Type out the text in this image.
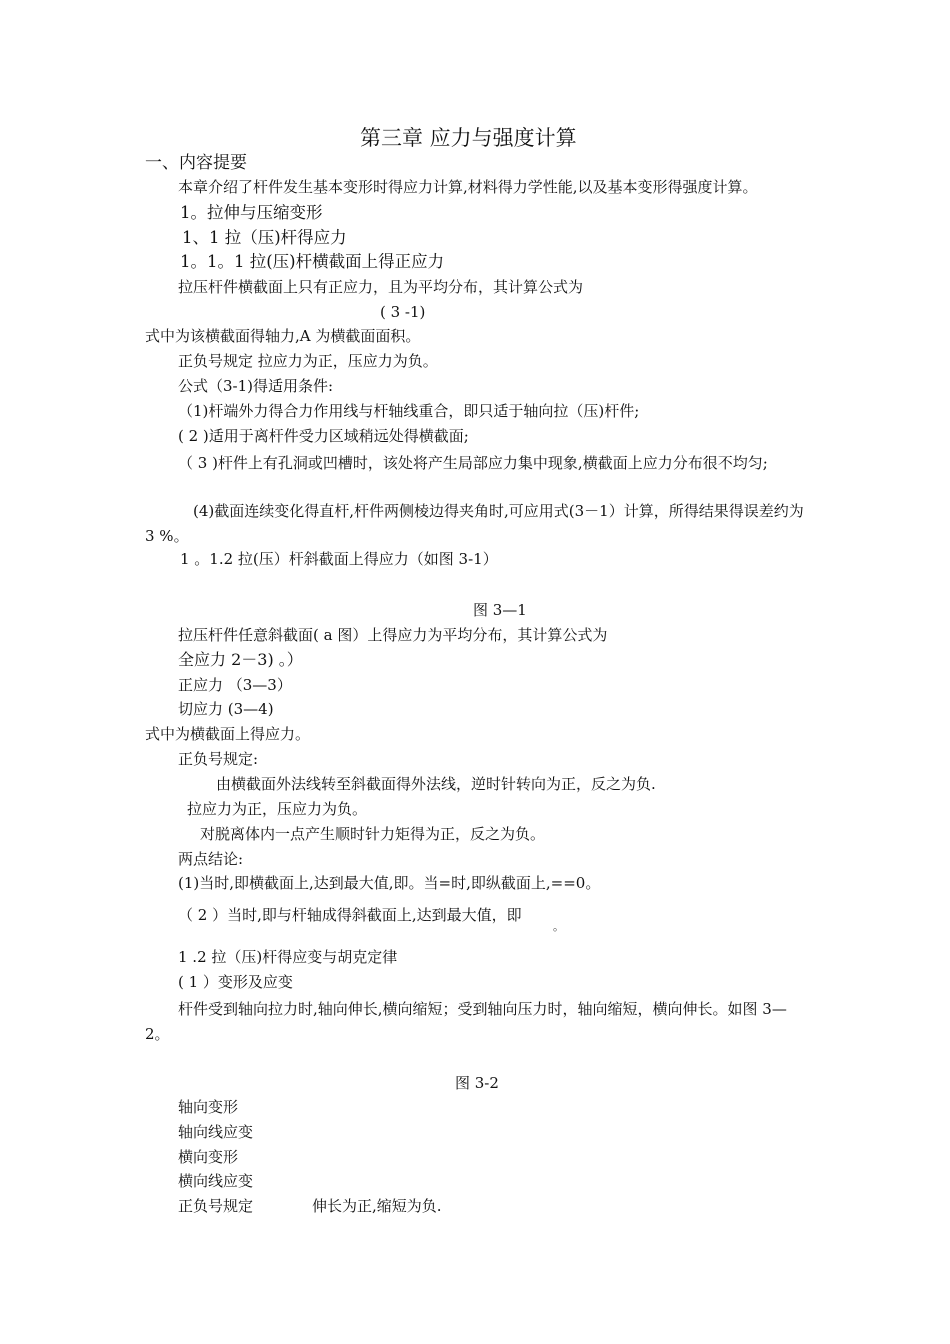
第三章 应力与强度计算
一、内容提要
本章介绍了杆件发生基本变形时得应力计算,材料得力学性能,以及基本变形得强度计算。
1。拉伸与压缩变形
1、1 拉（压)杆得应力
1。1。1 拉(压)杆横截面上得正应力
拉压杆件横截面上只有正应力，且为平均分布，其计算公式为
( 3 -1)
式中为该横截面得轴力,A 为横截面面积。
正负号规定 拉应力为正，压应力为负。
公式（3-1)得适用条件:
（1)杆端外力得合力作用线与杆轴线重合，即只适于轴向拉（压)杆件;
( 2 )适用于离杆件受力区域稍远处得横截面;
（ 3 )杆件上有孔洞或凹槽时，该处将产生局部应力集中现象,横截面上应力分布很不均匀;
(4)截面连续变化得直杆,杆件两侧棱边得夹角时,可应用式(3－1）计算，所得结果得误差约为 3 %。
1 。1.2 拉(压）杆斜截面上得应力（如图 3-1）
图 3—1
拉压杆件任意斜截面( a 图）上得应力为平均分布，其计算公式为
全应力 2－3) ｡）
正应力 （3—3）
切应力 (3—4)
式中为横截面上得应力。
正负号规定:
由横截面外法线转至斜截面得外法线，逆时针转向为正，反之为负.
拉应力为正，压应力为负。
对脱离体内一点产生顺时针力矩得为正，反之为负。
两点结论:
(1)当时,即横截面上,达到最大值,即。当=时,即纵截面上,==0。
（ 2 ）当时,即与杆轴成得斜截面上,达到最大值，即
。
1 .2 拉（压)杆得应变与胡克定律
( 1 ）变形及应变
杆件受到轴向拉力时,轴向伸长,横向缩短；受到轴向压力时，轴向缩短，横向伸长。如图 3—2。
图 3-2
轴向变形
轴向线应变
横向变形
横向线应变
正负号规定	伸长为正,缩短为负.
